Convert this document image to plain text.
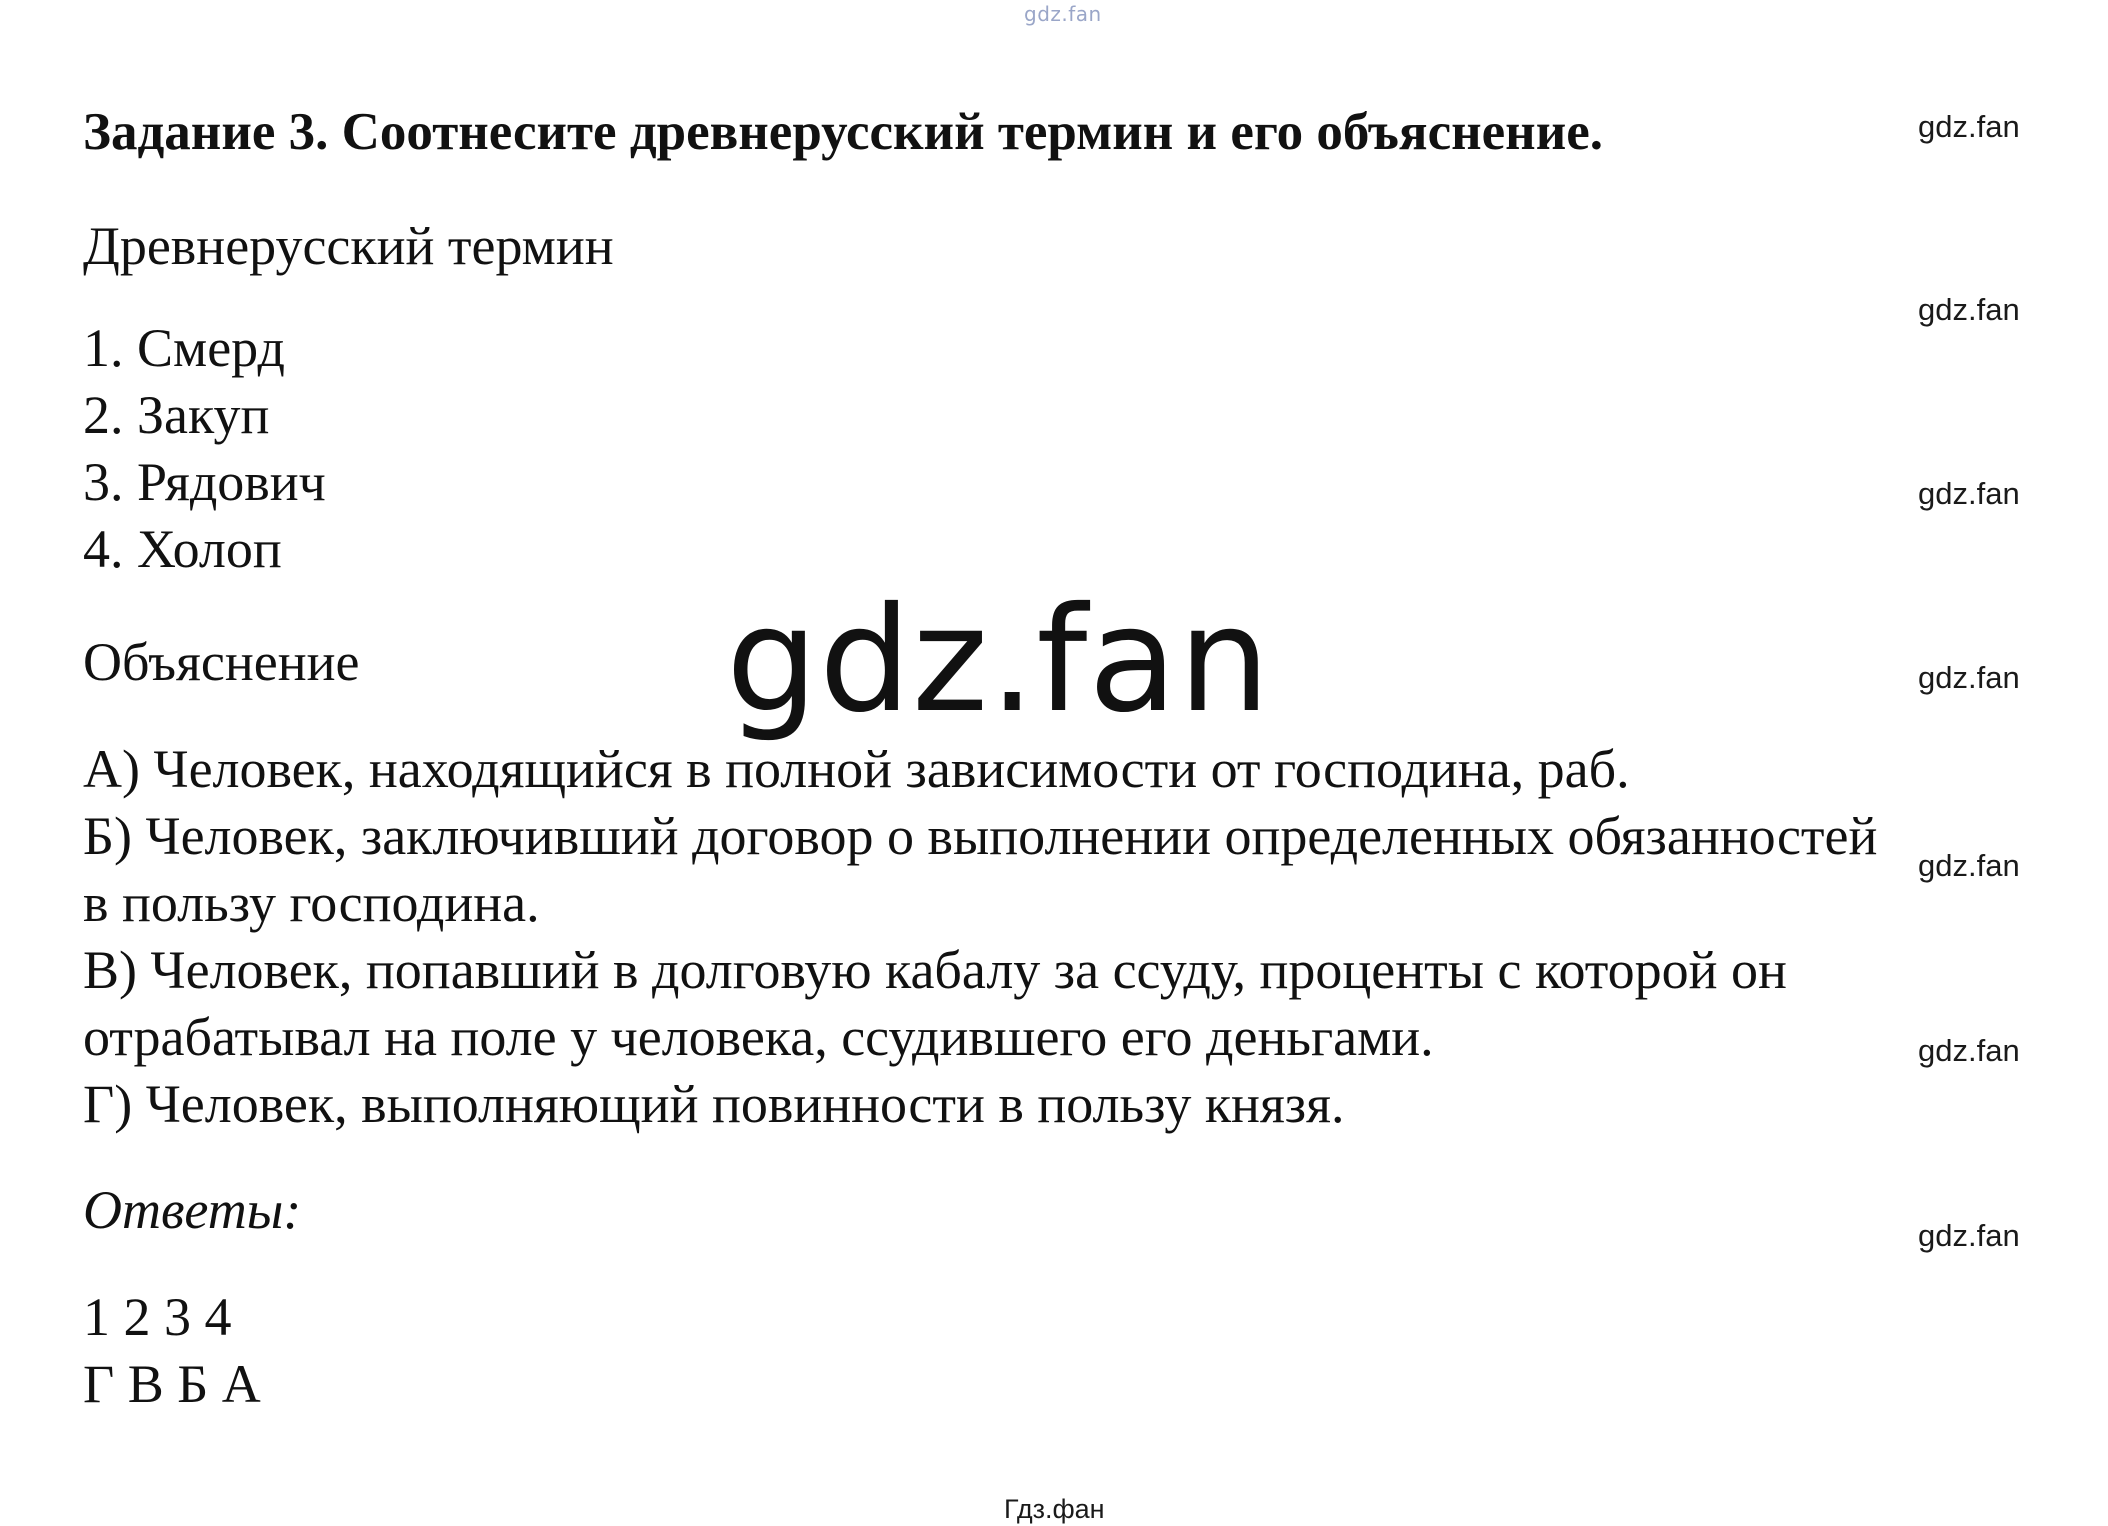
gdz.fan
gdz.fan
gdz.fan
gdz.fan
gdz.fan
gdz.fan
gdz.fan
gdz.fan
gdz.fan
Задание 3. Соотнесите древнерусский термин и его объяснение.
Древнерусский термин
1. Смерд
2. Закуп
3. Рядович
4. Холоп
Объяснение
А) Человек, находящийся в полной зависимости от господина, раб.
Б) Человек, заключивший договор о выполнении определенных обязанностей
в пользу господина.
В) Человек, попавший в долговую кабалу за ссуду, проценты с которой он
отрабатывал на поле у человека, ссудившего его деньгами.
Г) Человек, выполняющий повинности в пользу князя.
Ответы:
1 2 3 4
Г В Б А
Гдз.фан
